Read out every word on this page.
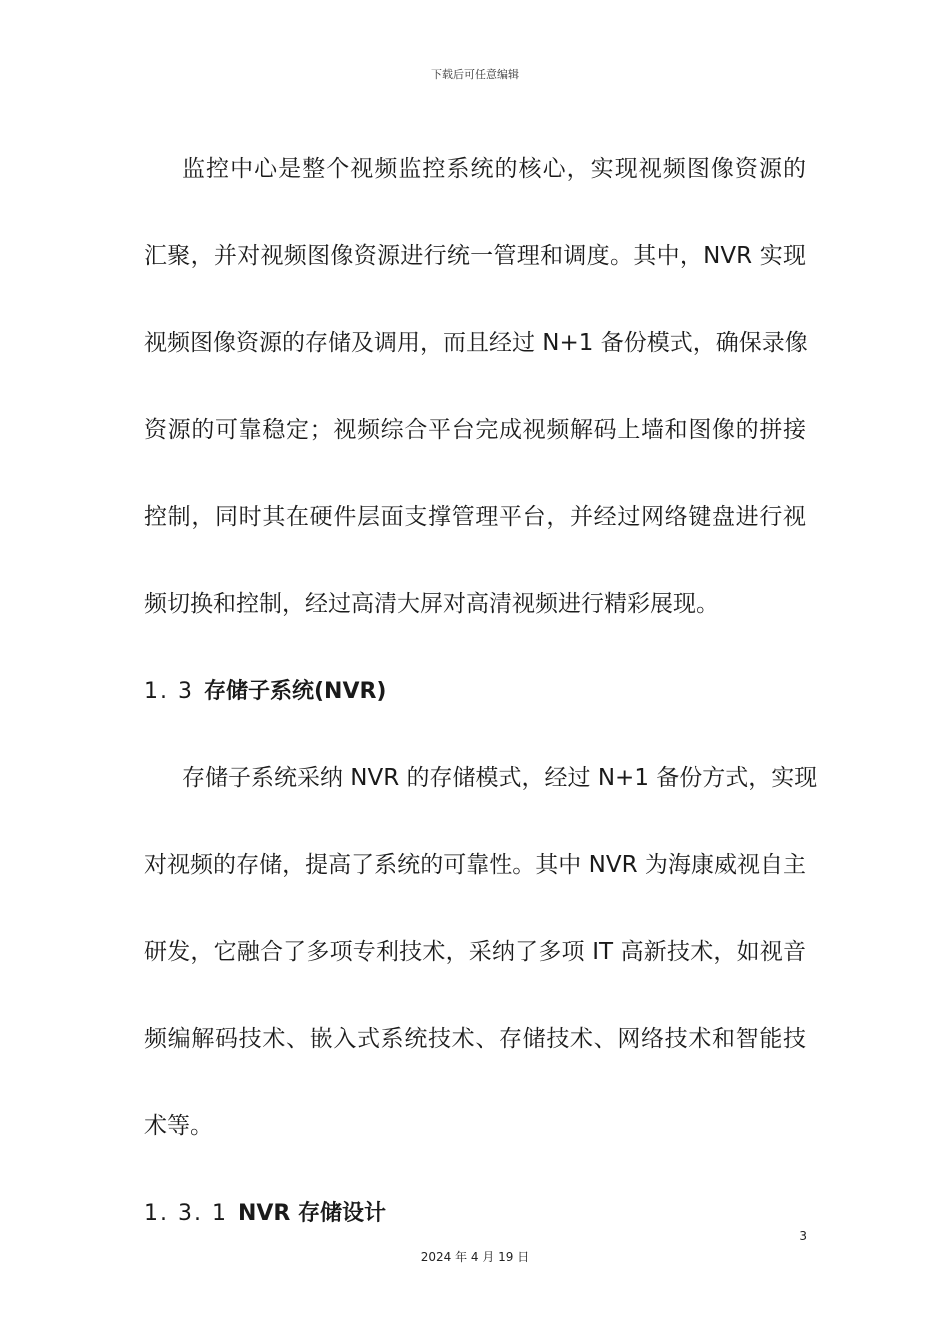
下载后可任意编辑
监控中心是整个视频监控系统的核心，实现视频图像资源的
汇聚，并对视频图像资源进行统一管理和调度。其中，NVR 实现
视频图像资源的存储及调用，而且经过 N+1 备份模式，确保录像
资源的可靠稳定；视频综合平台完成视频解码上墙和图像的拼接
控制，同时其在硬件层面支撑管理平台，并经过网络键盘进行视
频切换和控制，经过高清大屏对高清视频进行精彩展现。
1. 3 存储子系统(NVR)
存储子系统采纳 NVR 的存储模式，经过 N+1 备份方式，实现
对视频的存储，提高了系统的可靠性。其中 NVR 为海康威视自主
研发，它融合了多项专利技术，采纳了多项 IT 高新技术，如视音
频编解码技术、嵌入式系统技术、存储技术、网络技术和智能技
术等。
1. 3. 1 NVR 存储设计
3
2024 年 4 月 19 日
